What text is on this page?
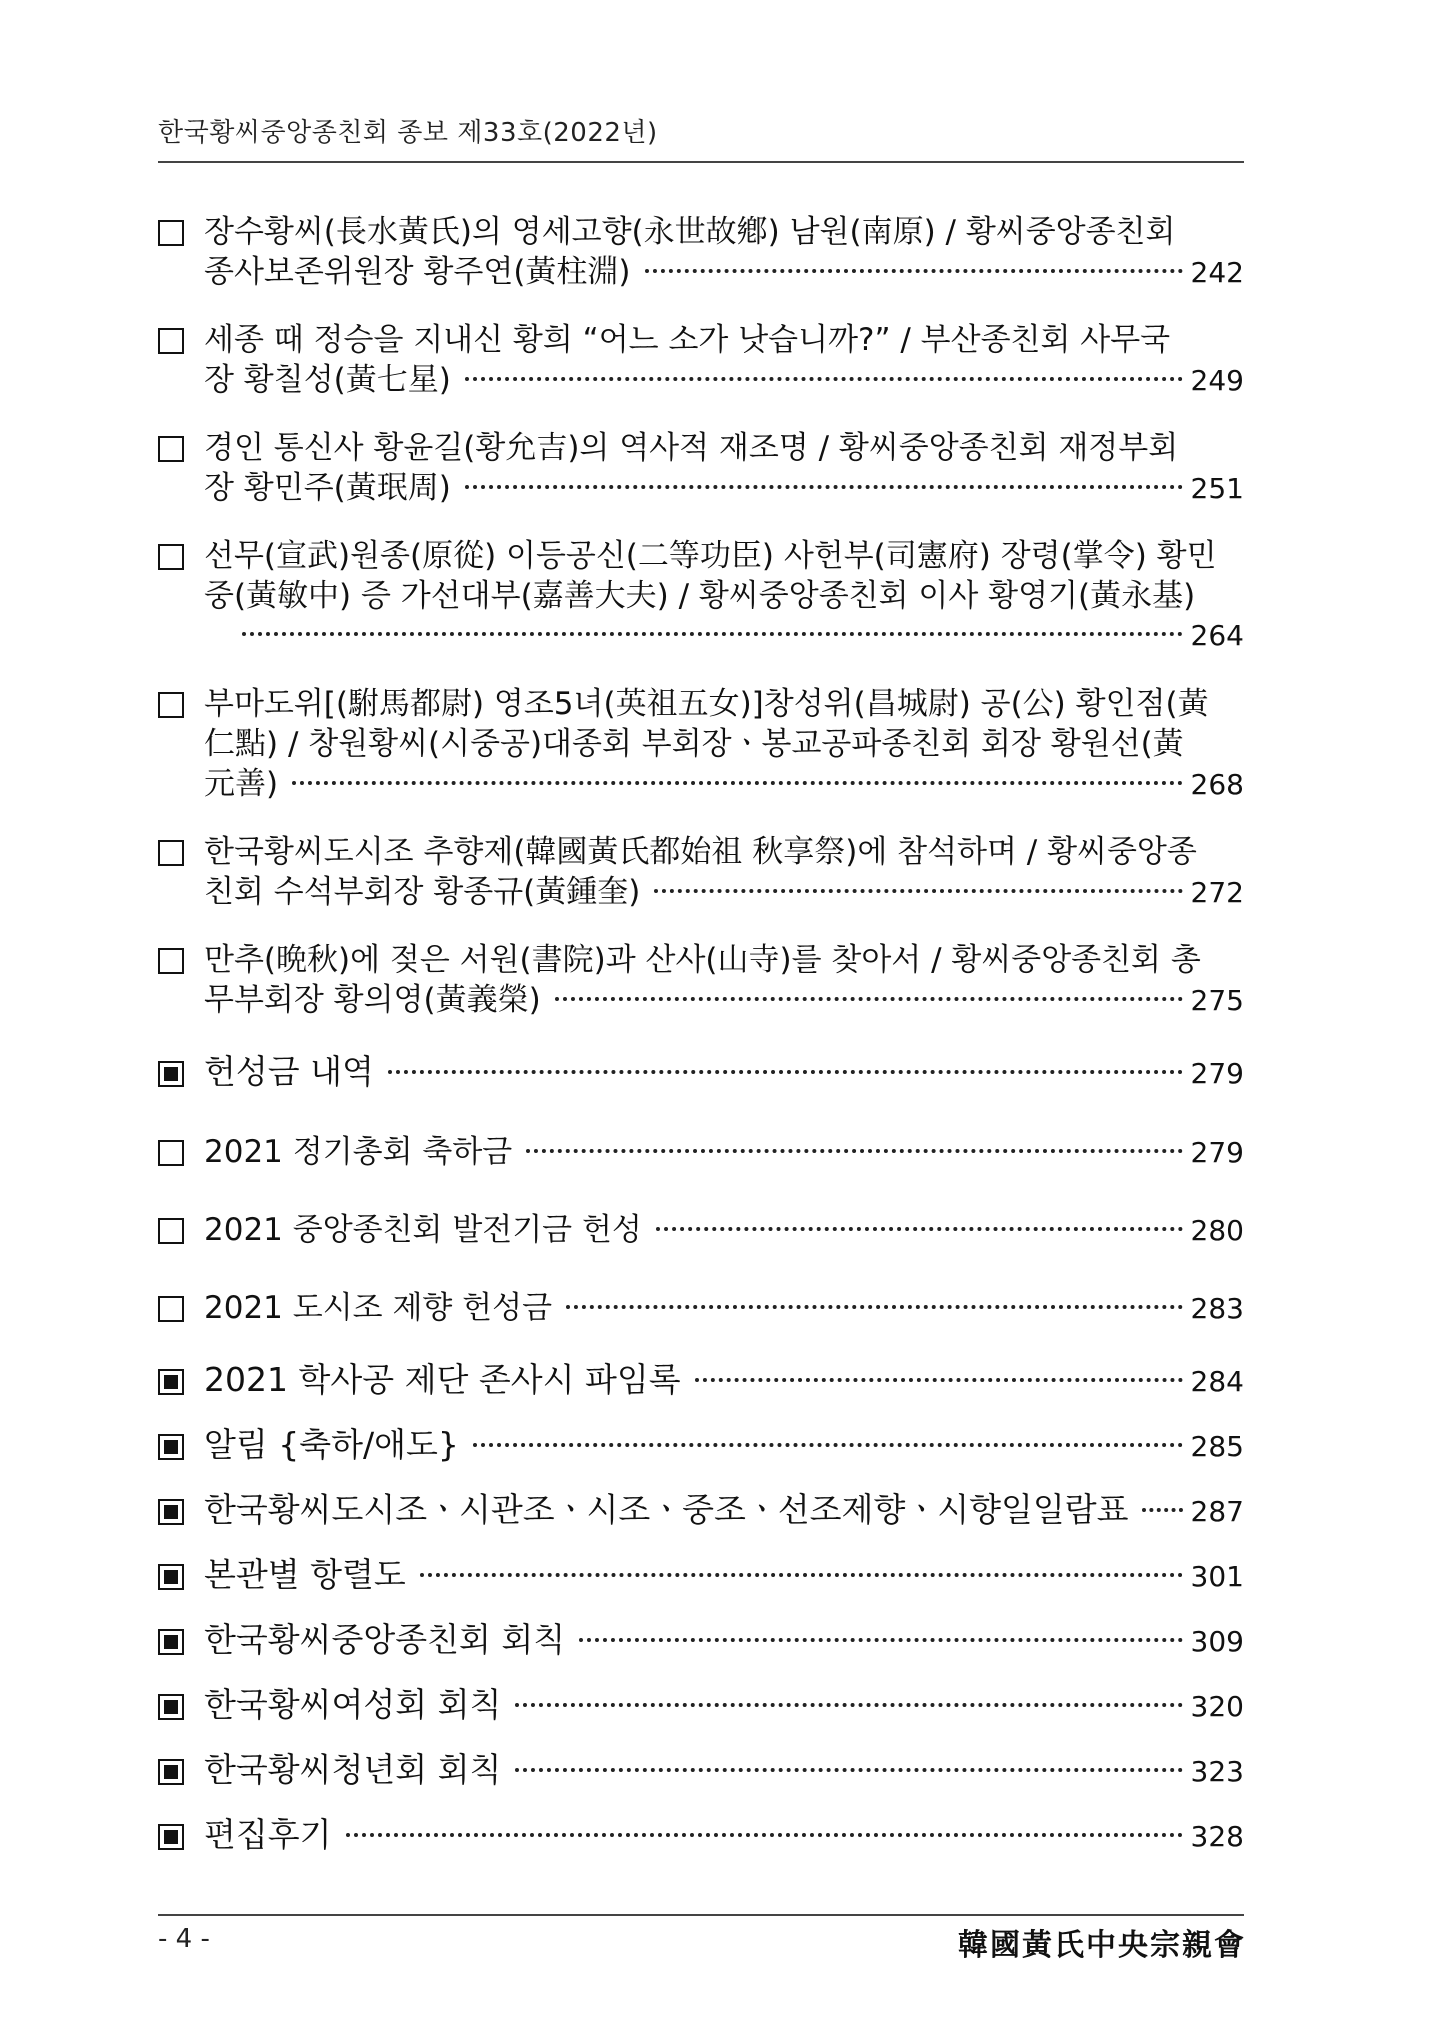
한국황씨중앙종친회 종보 제33호(2022년)
장수황씨(長水黃氏)의 영세고향(永世故鄕) 남원(南原) / 황씨중앙종친회
종사보존위원장 황주연(黃柱淵)	242
세종 때 정승을 지내신 황희 “어느 소가 낫습니까?” / 부산종친회 사무국
장 황칠성(黃七星)	249
경인 통신사 황윤길(황允吉)의 역사적 재조명 / 황씨중앙종친회 재정부회
장 황민주(黃珉周)	251
선무(宣武)원종(原從) 이등공신(二等功臣) 사헌부(司憲府) 장령(掌令) 황민
중(黃敏中) 증 가선대부(嘉善大夫) / 황씨중앙종친회 이사 황영기(黃永基)
264
부마도위[(駙馬都尉) 영조5녀(英祖五女)]창성위(昌城尉) 공(公) 황인점(黃
仁點) / 창원황씨(시중공)대종회 부회장ㆍ봉교공파종친회 회장 황원선(黃
元善)	268
한국황씨도시조 추향제(韓國黃氏都始祖 秋享祭)에 참석하며 / 황씨중앙종
친회 수석부회장 황종규(黃鍾奎)	272
만추(晩秋)에 젖은 서원(書院)과 산사(山寺)를 찾아서 / 황씨중앙종친회 총
무부회장 황의영(黃義榮)	275
헌성금 내역	279
2021 정기총회 축하금	279
2021 중앙종친회 발전기금 헌성	280
2021 도시조 제향 헌성금	283
2021 학사공 제단 존사시 파임록	284
알림 {축하/애도}	285
한국황씨도시조ㆍ시관조ㆍ시조ㆍ중조ㆍ선조제향ㆍ시향일일람표 287
본관별 항렬도	301
한국황씨중앙종친회 회칙	309
한국황씨여성회 회칙	320
한국황씨청년회 회칙	323
편집후기	328
- 4 -	韓國黃氏中央宗親會
